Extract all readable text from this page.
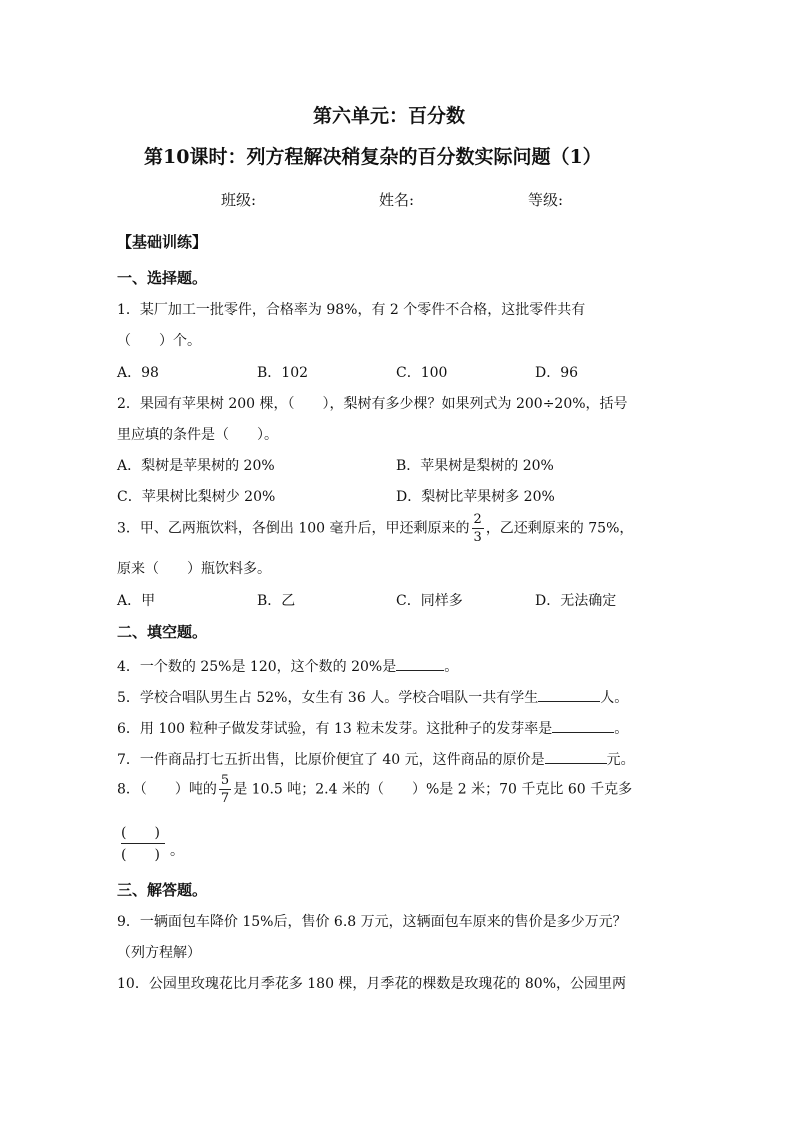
第六单元：百分数
第10课时：列方程解决稍复杂的百分数实际问题（1）
班级:	姓名:	等级:
【基础训练】
一、选择题。
1．某厂加工一批零件，合格率为 98%，有 2 个零件不合格，这批零件共有
（　　）个。
A．98	B．102	C．100	D．96
2．果园有苹果树 200 棵，（　　），梨树有多少棵？如果列式为 200÷20%，括号
里应填的条件是（　　）。
A．梨树是苹果树的 20%	B．苹果树是梨树的 20%
C．苹果树比梨树少 20%	D．梨树比苹果树多 20%
3．甲、乙两瓶饮料，各倒出 100 毫升后，甲还剩原来的 $\frac{2}{3}$ ，乙还剩原来的 75%，
原来（　　）瓶饮料多。
A．甲	B．乙	C．同样多	D．无法确定
二、填空题。
4．一个数的 25%是 120，这个数的 20%是	。
5．学校合唱队男生占 52%，女生有 36 人。学校合唱队一共有学生	人。
6．用 100 粒种子做发芽试验，有 13 粒未发芽。这批种子的发芽率是	。
7．一件商品打七五折出售，比原价便宜了 40 元，这件商品的原价是	元。
8．（　　）吨的 $\frac{5}{7}$ 是 10.5 吨；2.4 米的（　　）%是 2 米；70 千克比 60 千克多
$\frac{( )}{( )}$ 。
三、解答题。
9．一辆面包车降价 15%后，售价 6.8 万元，这辆面包车原来的售价是多少万元？
（列方程解）
10．公园里玫瑰花比月季花多 180 棵，月季花的棵数是玫瑰花的 80%，公园里两
